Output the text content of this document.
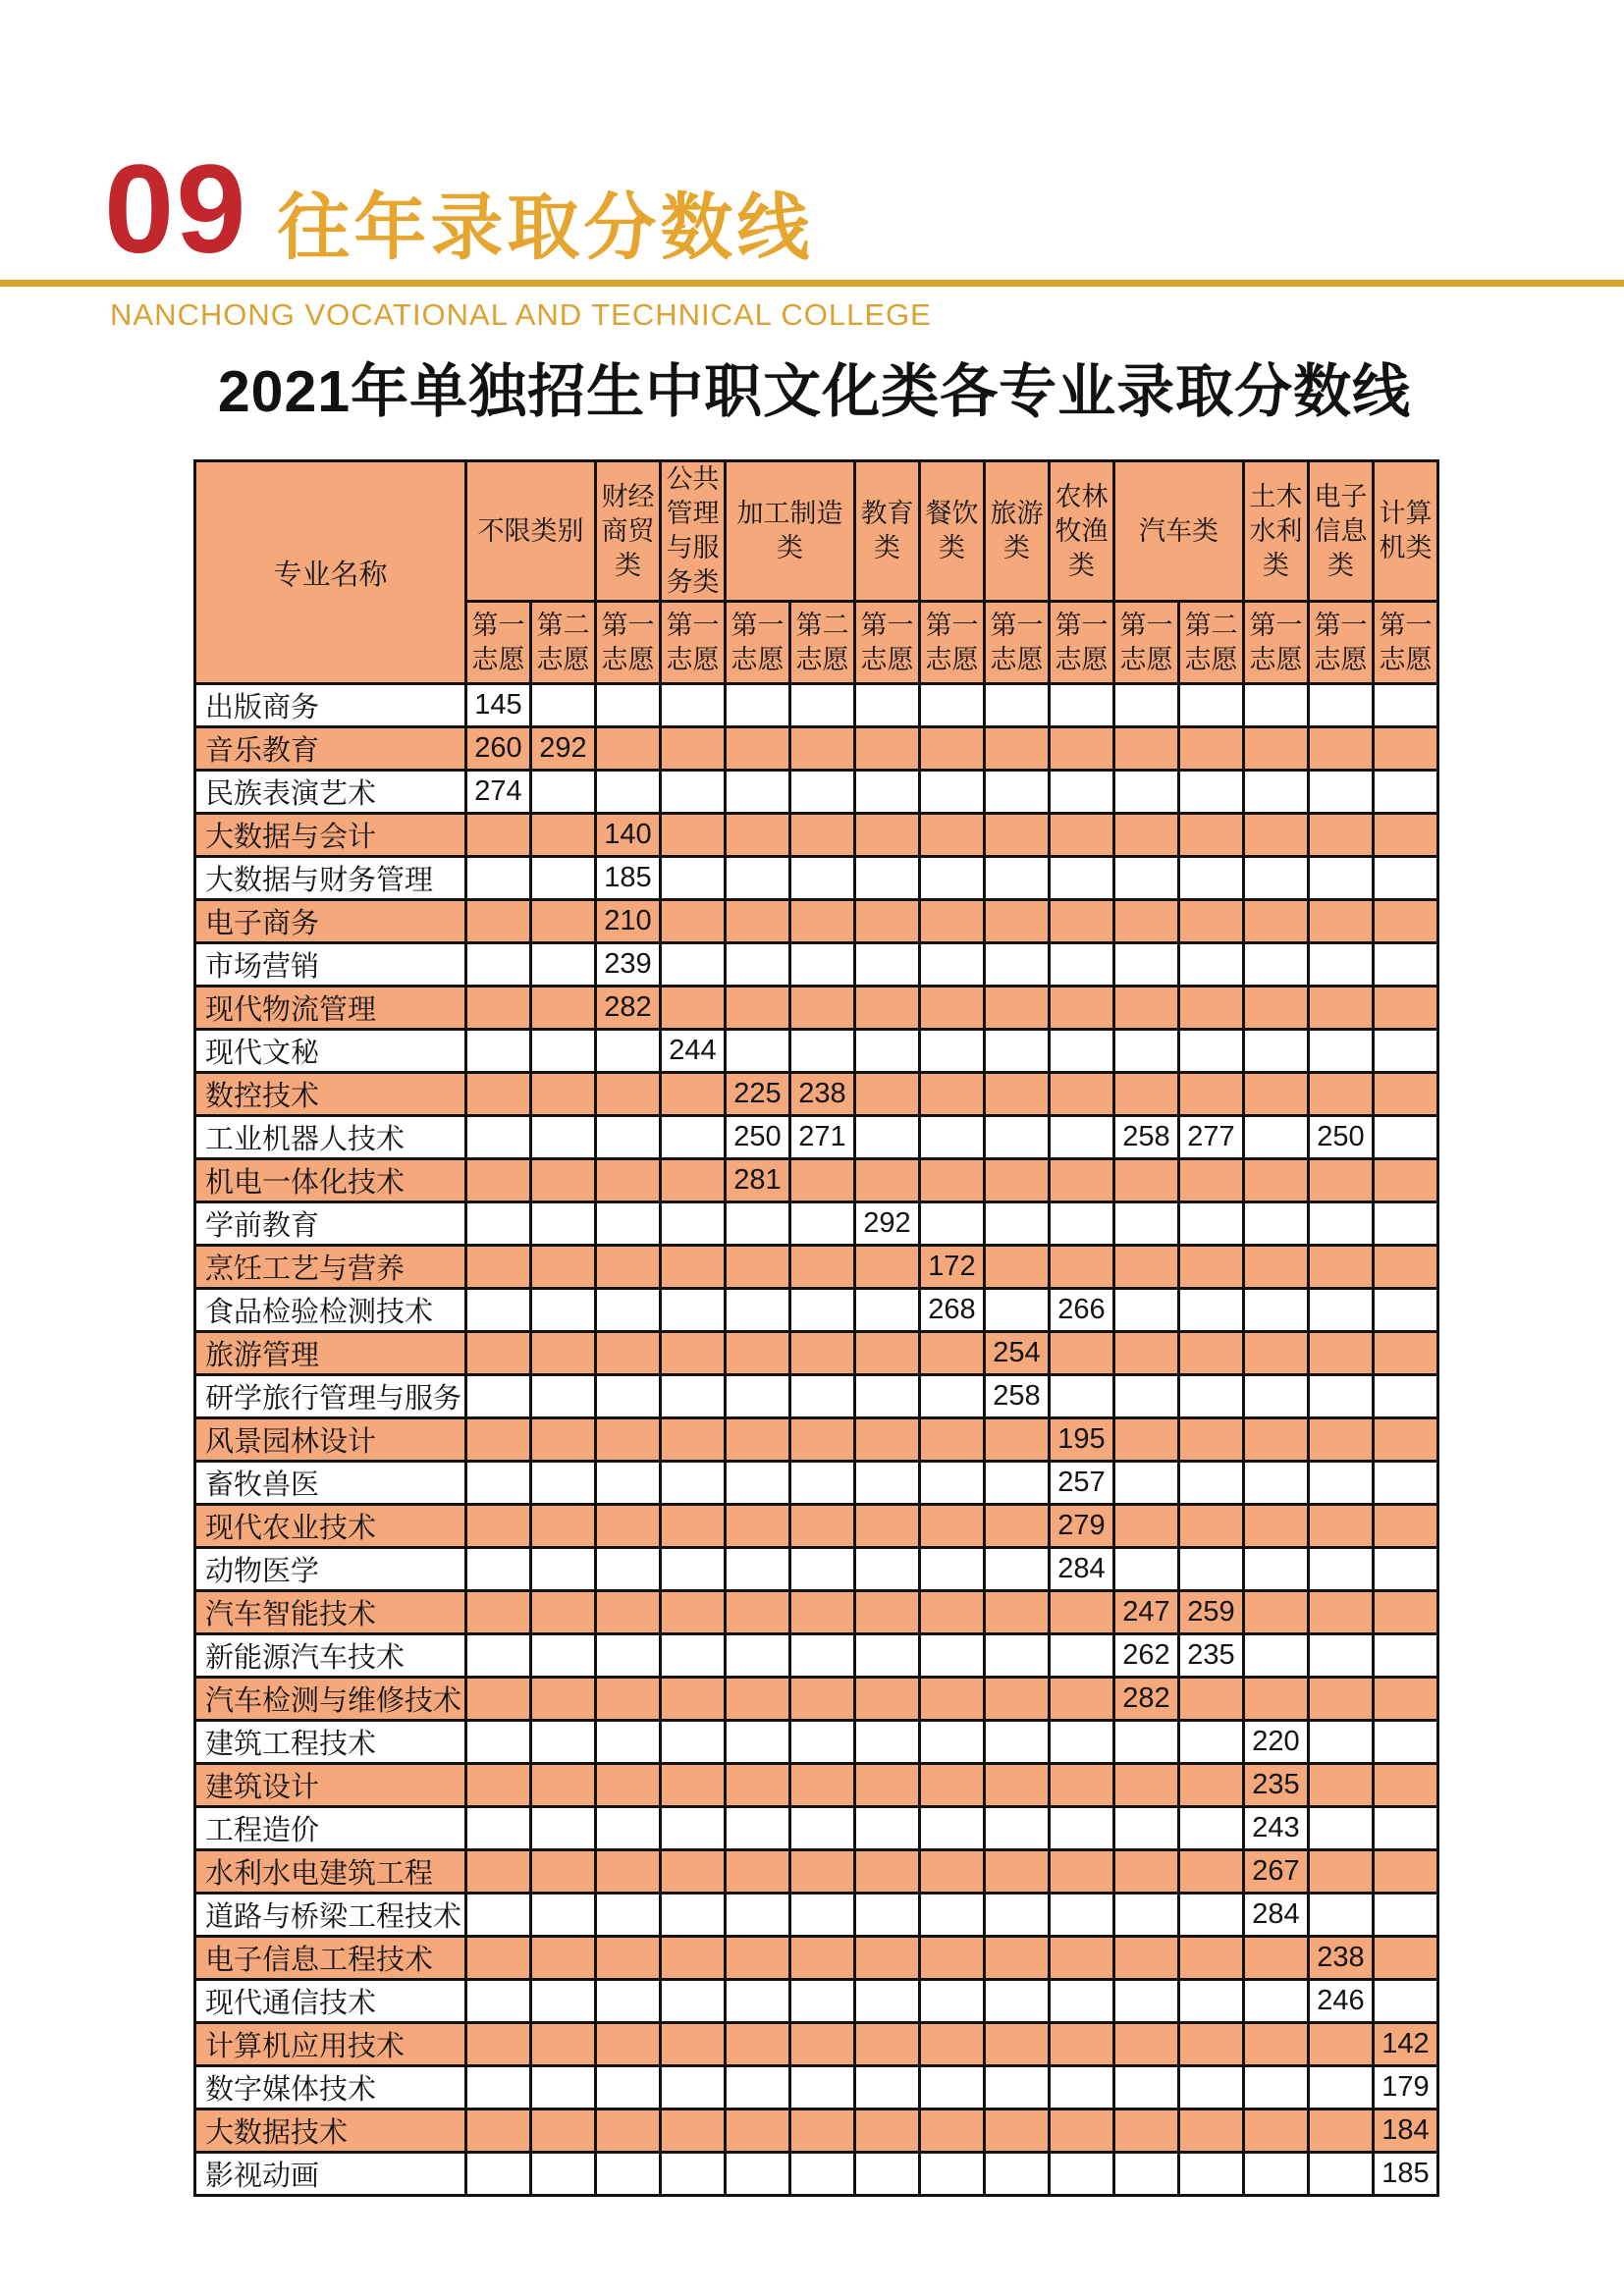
09 往年录取分数线
NANCHONG VOCATIONAL AND TECHNICAL COLLEGE
2021年单独招生中职文化类各专业录取分数线
专业名称	不限类别		财经商贸类	公共管理与服务类	加工制造类		教育类	餐饮类	旅游类	农林牧渔类	汽车类		土木水利类	电子信息类	计算机类
	第一志愿	第二志愿	第一志愿	第一志愿	第一志愿	第二志愿	第一志愿	第一志愿	第一志愿	第一志愿	第一志愿	第二志愿	第一志愿	第一志愿	第一志愿
出版商务	145														
音乐教育	260	292													
民族表演艺术	274														
大数据与会计			140												
大数据与财务管理			185												
电子商务			210												
市场营销			239												
现代物流管理			282												
现代文秘				244											
数控技术					225	238									
工业机器人技术					250	271					258	277		250	
机电一体化技术					281										
学前教育							292								
烹饪工艺与营养								172							
食品检验检测技术								268		266					
旅游管理									254						
研学旅行管理与服务									258						
风景园林设计										195					
畜牧兽医										257					
现代农业技术										279					
动物医学										284					
汽车智能技术											247	259			
新能源汽车技术											262	235			
汽车检测与维修技术											282				
建筑工程技术													220		
建筑设计													235		
工程造价													243		
水利水电建筑工程													267		
道路与桥梁工程技术													284		
电子信息工程技术														238	
现代通信技术														246	
计算机应用技术															142
数字媒体技术															179
大数据技术															184
影视动画															185
